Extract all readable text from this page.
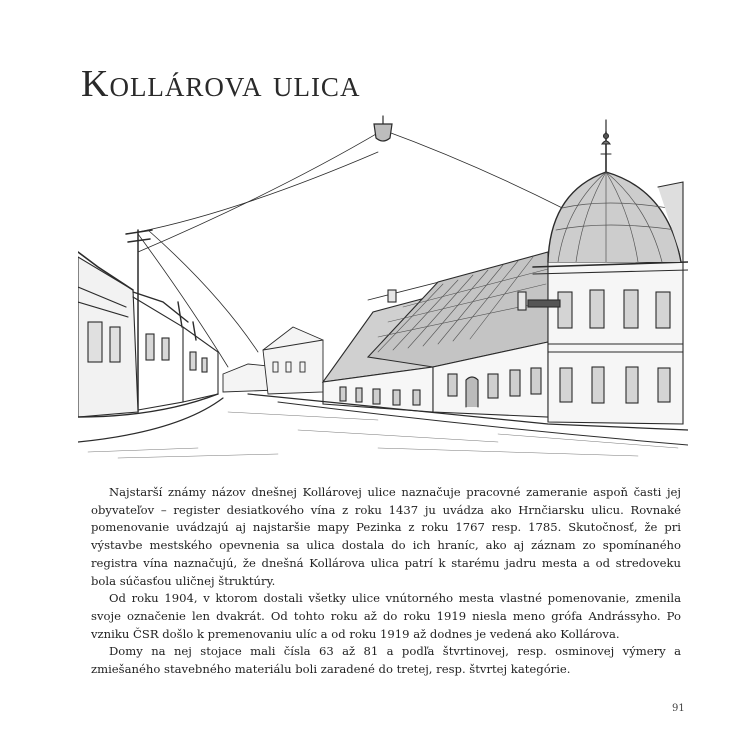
Kollárova ulica

Najstarší známy názov dnešnej Kollárovej ulice naznačuje pracovné zameranie aspoň časti jej obyvateľov – register desiatkového vína z roku 1437 ju uvádza ako Hrnčiarsku ulicu. Rovnaké pomenovanie uvádzajú aj najstaršie mapy Pezinka z roku 1767 resp. 1785. Skutočnosť, že pri výstavbe mestského opevnenia sa ulica dostala do ich hraníc, ako aj záznam zo spomínaného registra vína naznačujú, že dnešná Kollárova ulica patrí k starému jadru mesta a od stredoveku bola súčasťou uličnej štruktúry.

Od roku 1904, v ktorom dostali všetky ulice vnútorného mesta vlastné pomenovanie, zmenila svoje označenie len dvakrát. Od tohto roku až do roku 1919 niesla meno grófa Andrássyho. Po vzniku ČSR došlo k premenovaniu ulíc a od roku 1919 až dodnes je vedená ako Kollárova.

Domy na nej stojace mali čísla 63 až 81 a podľa štvrtinovej, resp. osminovej výmery a zmiešaného stavebného materiálu boli zaradené do tretej, resp. štvrtej kategórie.

91
